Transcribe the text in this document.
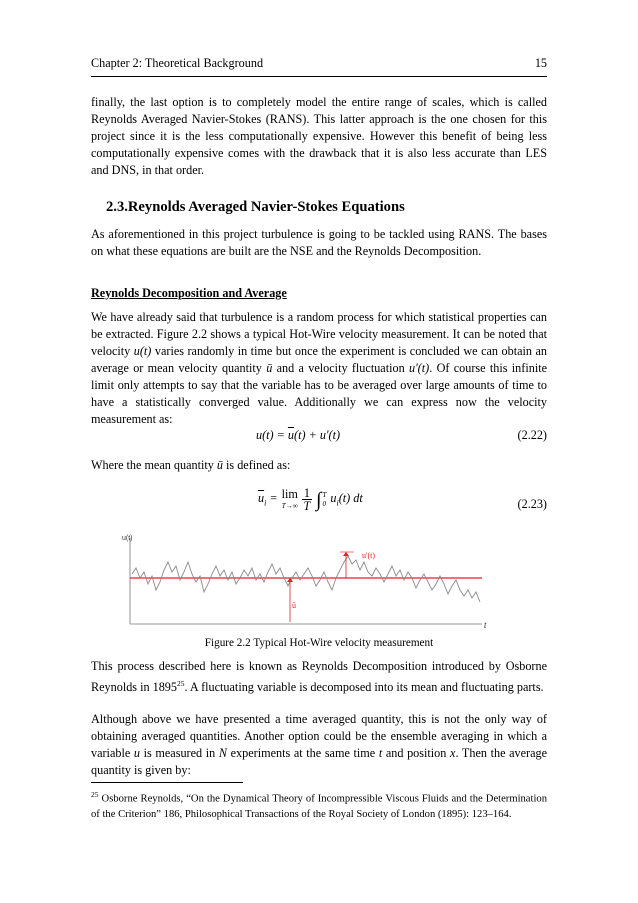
Chapter 2: Theoretical Background	15

finally, the last option is to completely model the entire range of scales, which is called Reynolds Averaged Navier-Stokes (RANS). This latter approach is the one chosen for this project since it is the less computationally expensive. However this benefit of being less computationally expensive comes with the drawback that it is also less accurate than LES and DNS, in that order.

2.3.Reynolds Averaged Navier-Stokes Equations

As aforementioned in this project turbulence is going to be tackled using RANS. The bases on what these equations are built are the NSE and the Reynolds Decomposition.

Reynolds Decomposition and Average

We have already said that turbulence is a random process for which statistical properties can be extracted. Figure 2.2 shows a typical Hot-Wire velocity measurement. It can be noted that velocity u(t) varies randomly in time but once the experiment is concluded we can obtain an average or mean velocity quantity ū and a velocity fluctuation u'(t). Of course this infinite limit only attempts to say that the variable has to be averaged over large amounts of time to have a statistically converged value. Additionally we can express now the velocity measurement as:

$u(t) = \overline{u}(t) + u'(t)$	(2.22)

Where the mean quantity ū is defined as:

$\overline{u}_i = \lim$
$T\to\infty \frac{1}{T}$ ∫ T
0 $u_i(t)$ dt	(2.23)
u(t)
t
ū
u'(t)

Figure 2.2 Typical Hot-Wire velocity measurement

This process described here is known as Reynolds Decomposition introduced by Osborne Reynolds in 1895$^{25}$. A fluctuating variable is decomposed into its mean and fluctuating parts.

Although above we have presented a time averaged quantity, this is not the only way of obtaining averaged quantities. Another option could be the ensemble averaging in which a variable u is measured in N experiments at the same time t and position x. Then the average quantity is given by:

$^{25}$ Osborne Reynolds, “On the Dynamical Theory of Incompressible Viscous Fluids and the Determination of the Criterion” 186, Philosophical Transactions of the Royal Society of London (1895): 123–164.
